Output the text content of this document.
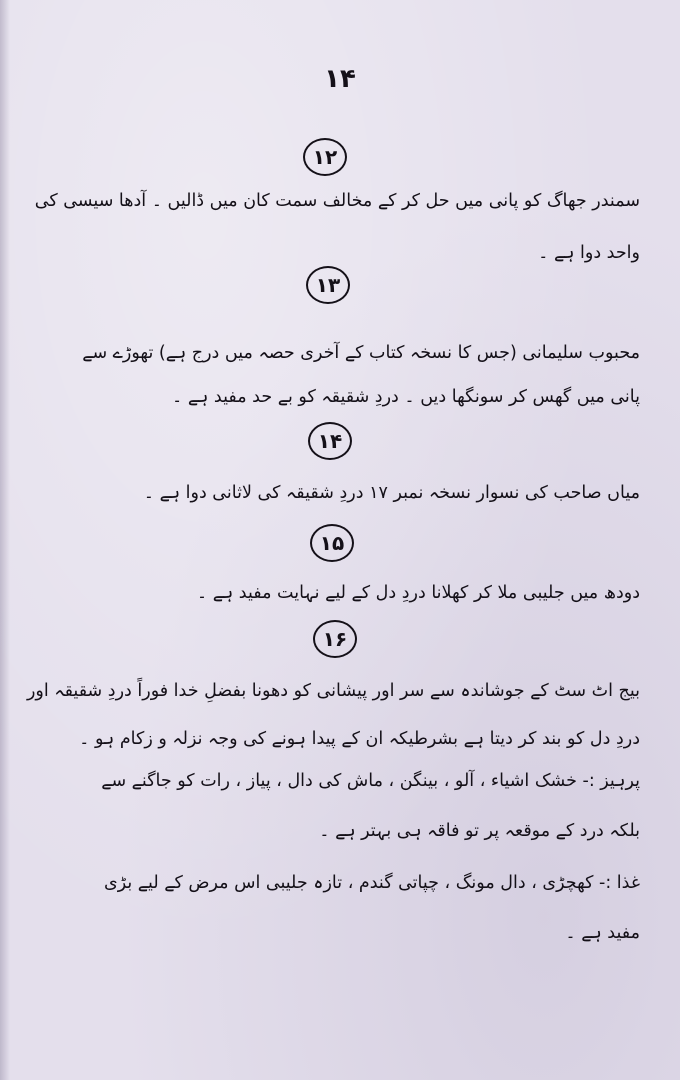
۱۴
۱۲
سمندر جھاگ کو پانی میں حل کر کے مخالف سمت کان میں ڈالیں ۔ آدھا سیسی کی
واحد دوا ہے ۔
۱۳
محبوب سلیمانی (جس کا نسخہ کتاب کے آخری حصہ میں درج ہے) تھوڑے سے
پانی میں گھس کر سونگھا دیں ۔ دردِ شقیقہ کو بے حد مفید ہے ۔
۱۴
میاں صاحب کی نسوار نسخہ نمبر ۱۷ دردِ شقیقہ کی لاثانی دوا ہے ۔
۱۵
دودھ میں جلیبی ملا کر کھلانا دردِ دل کے لیے نہایت مفید ہے ۔
۱۶
بیج اٹ سٹ کے جوشاندہ سے سر اور پیشانی کو دھونا بفضلِ خدا فوراً دردِ شقیقہ اور
دردِ دل کو بند کر دیتا ہے بشرطیکہ ان کے پیدا ہونے کی وجہ نزلہ و زکام ہو ۔
پرہیز :- خشک اشیاء ، آلو ، بینگن ، ماش کی دال ، پیاز ، رات کو جاگنے سے
بلکہ درد کے موقعہ پر تو فاقہ ہی بہتر ہے ۔
غذا :- کھچڑی ، دال مونگ ، چپاتی گندم ، تازہ جلیبی اس مرض کے لیے بڑی
مفید ہے ۔
